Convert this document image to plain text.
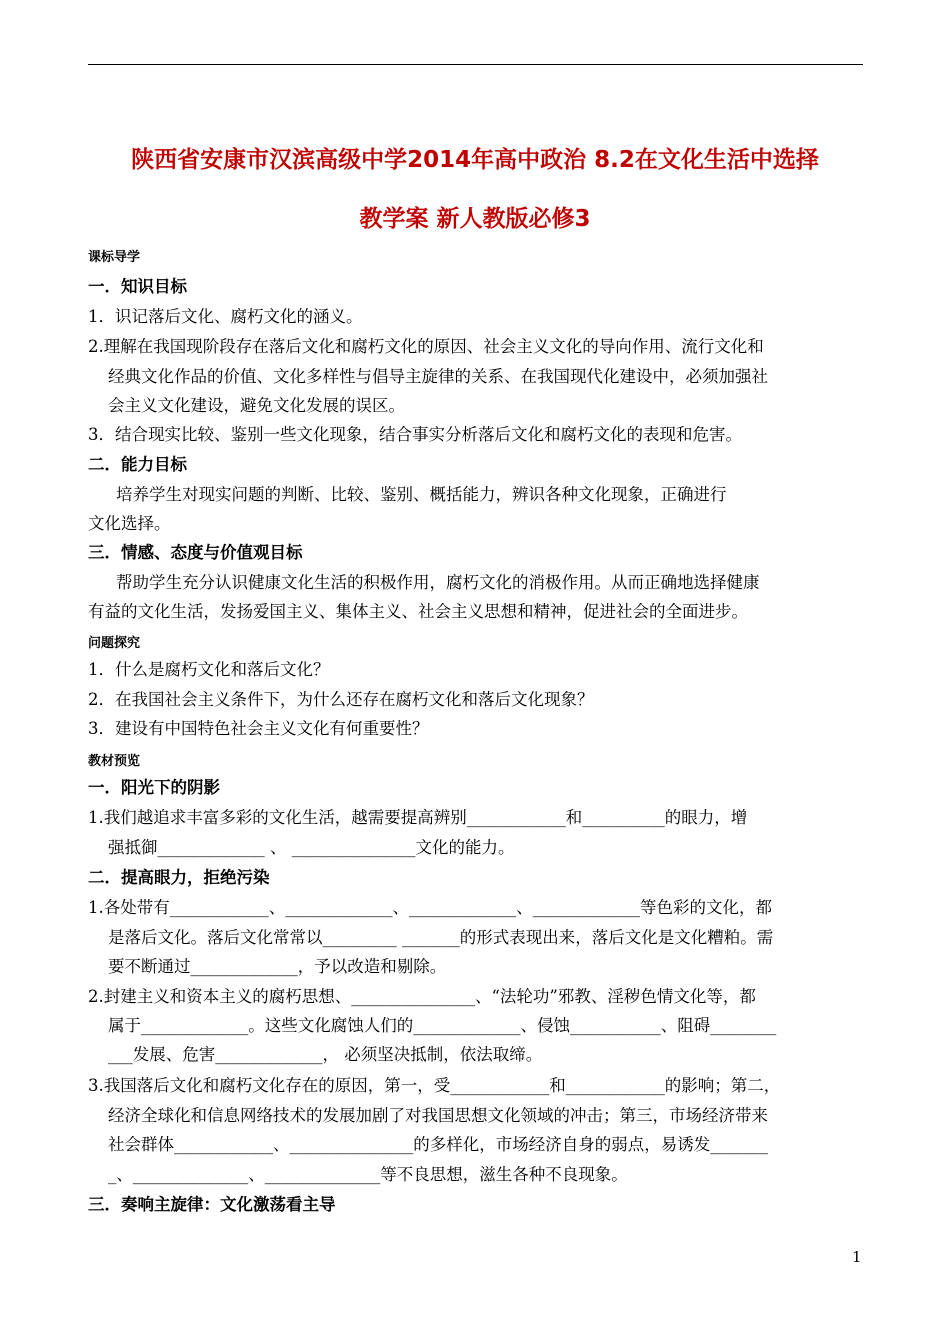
陕西省安康市汉滨高级中学2014年高中政治 8.2在文化生活中选择
教学案 新人教版必修3
课标导学
一．知识目标
1．识记落后文化、腐朽文化的涵义。
2.理解在我国现阶段存在落后文化和腐朽文化的原因、社会主义文化的导向作用、流行文化和
经典文化作品的价值、文化多样性与倡导主旋律的关系、在我国现代化建设中，必须加强社
会主义文化建设，避免文化发展的误区。
3．结合现实比较、鉴别一些文化现象，结合事实分析落后文化和腐朽文化的表现和危害。
二．能力目标
培养学生对现实问题的判断、比较、鉴别、概括能力，辨识各种文化现象，正确进行
文化选择。
三．情感、态度与价值观目标
帮助学生充分认识健康文化生活的积极作用，腐朽文化的消极作用。从而正确地选择健康
有益的文化生活，发扬爱国主义、集体主义、社会主义思想和精神，促进社会的全面进步。
问题探究
1．什么是腐朽文化和落后文化？
2．在我国社会主义条件下，为什么还存在腐朽文化和落后文化现象？
3．建设有中国特色社会主义文化有何重要性？
教材预览
一．阳光下的阴影
1.我们越追求丰富多彩的文化生活，越需要提高辨别____________和__________的眼力，增
强抵御_____________ 、 _______________文化的能力。
二．提高眼力，拒绝污染
1.各处带有____________、_____________、_____________、_____________等色彩的文化，都
是落后文化。落后文化常常以_________ _______的形式表现出来，落后文化是文化糟粕。需
要不断通过_____________，予以改造和剔除。
2.封建主义和资本主义的腐朽思想、_______________、“法轮功”邪教、淫秽色情文化等，都
属于_____________。这些文化腐蚀人们的_____________、侵蚀___________、阻碍________
___发展、危害_____________， 必须坚决抵制，依法取缔。
3.我国落后文化和腐朽文化存在的原因，第一，受____________和____________的影响；第二，
经济全球化和信息网络技术的发展加剧了对我国思想文化领域的冲击；第三，市场经济带来
社会群体____________、_______________的多样化，市场经济自身的弱点，易诱发_______
_、______________、______________等不良思想，滋生各种不良现象。
三．奏响主旋律：文化激荡看主导
1
